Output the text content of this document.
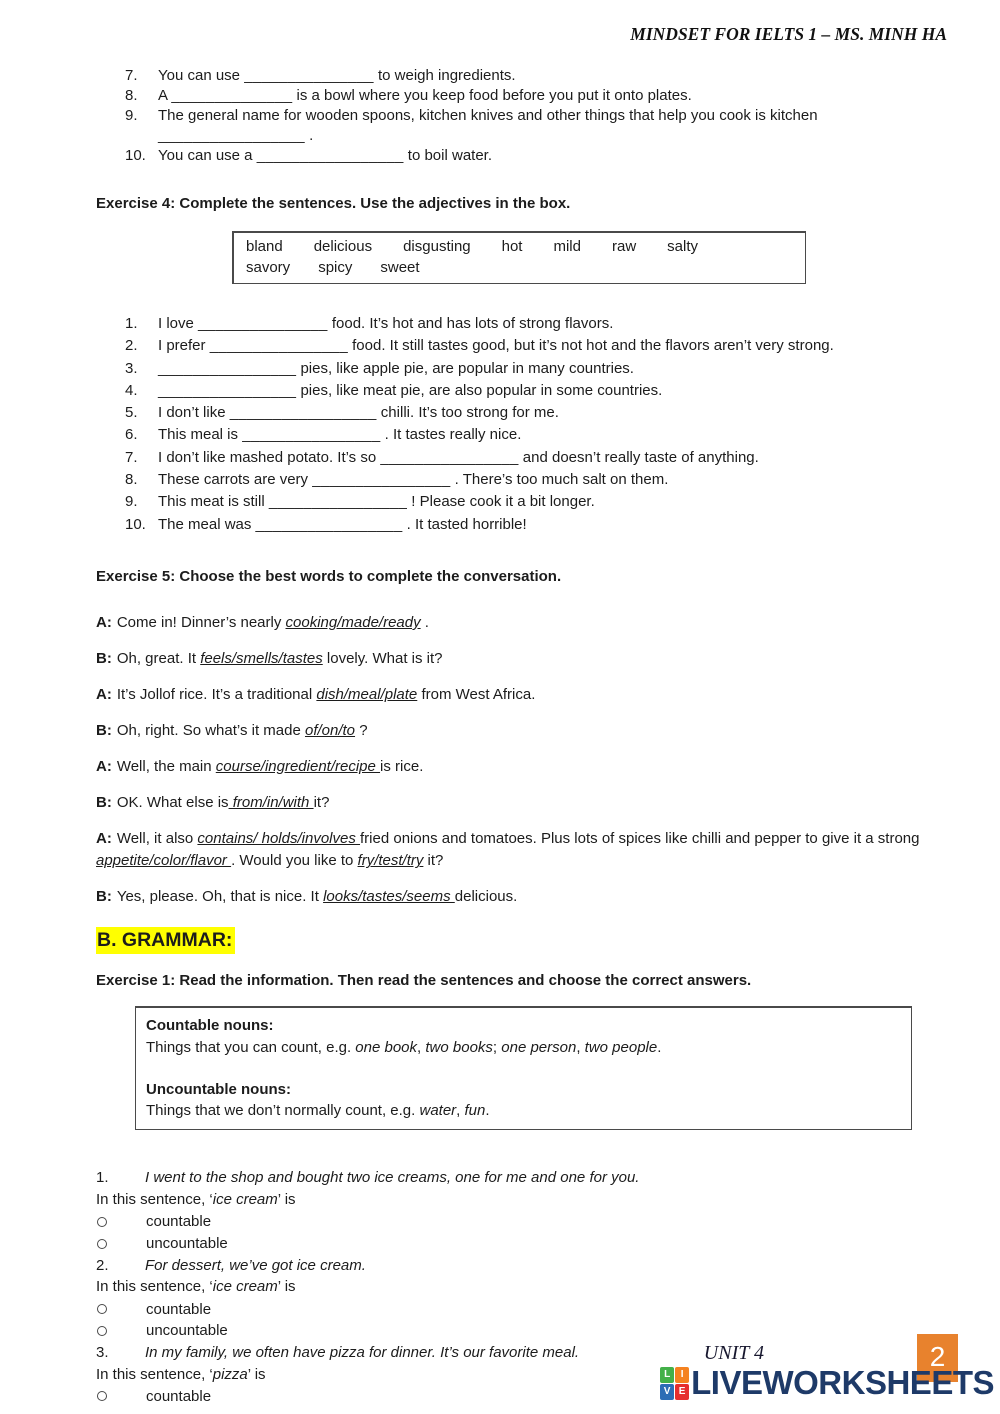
MINDSET FOR IELTS 1 – MS. MINH HA
7.	You can use _______________ to weigh ingredients.
8.	A ______________ is a bowl where you keep food before you put it onto plates.
9.	The general name for wooden spoons, kitchen knives and other things that help you cook is kitchen
_________________ .
10. You can use a _________________ to boil water.
Exercise 4: Complete the sentences. Use the adjectives in the box.
bland delicious disgusting hot mild raw salty
savory spicy sweet
1.	I love _______________ food. It’s hot and has lots of strong flavors.
2.	I prefer ________________ food. It still tastes good, but it’s not hot and the flavors aren’t very strong.
3.	________________ pies, like apple pie, are popular in many countries.
4.	________________ pies, like meat pie, are also popular in some countries.
5.	I don’t like _________________ chilli. It’s too strong for me.
6.	This meal is ________________ . It tastes really nice.
7.	I don’t like mashed potato. It’s so ________________ and doesn’t really taste of anything.
8.	These carrots are very ________________ . There’s too much salt on them.
9.	This meat is still ________________ ! Please cook it a bit longer.
10. The meal was _________________ . It tasted horrible!
Exercise 5: Choose the best words to complete the conversation.

A: Come in! Dinner’s nearly cooking/made/ready .

B: Oh, great. It feels/smells/tastes lovely. What is it?

A: It’s Jollof rice. It’s a traditional dish/meal/plate from West Africa.

B: Oh, right. So what’s it made of/on/to ?

A: Well, the main course/ingredient/recipe is rice.

B: OK. What else is from/in/with it?

A: Well, it also contains/ holds/involves fried onions and tomatoes. Plus lots of spices like chilli and pepper to give it a strong appetite/color/flavor . Would you like to fry/test/try it?

B: Yes, please. Oh, that is nice. It looks/tastes/seems delicious.

B. GRAMMAR:
Exercise 1: Read the information. Then read the sentences and choose the correct answers.
Countable nouns:
Things that you can count, e.g. one book, two books; one person, two people.
Uncountable nouns:
Things that we don’t normally count, e.g. water, fun.
1.	I went to the shop and bought two ice creams, one for me and one for you.
In this sentence, ‘ice cream’ is
countable
uncountable
2.	For dessert, we’ve got ice cream.
In this sentence, ‘ice cream’ is
countable
uncountable
3.	In my family, we often have pizza for dinner. It’s our favorite meal.
In this sentence, ‘pizza’ is
countable
UNIT 4	2
L	I
V E LIVEWORKSHEETS
